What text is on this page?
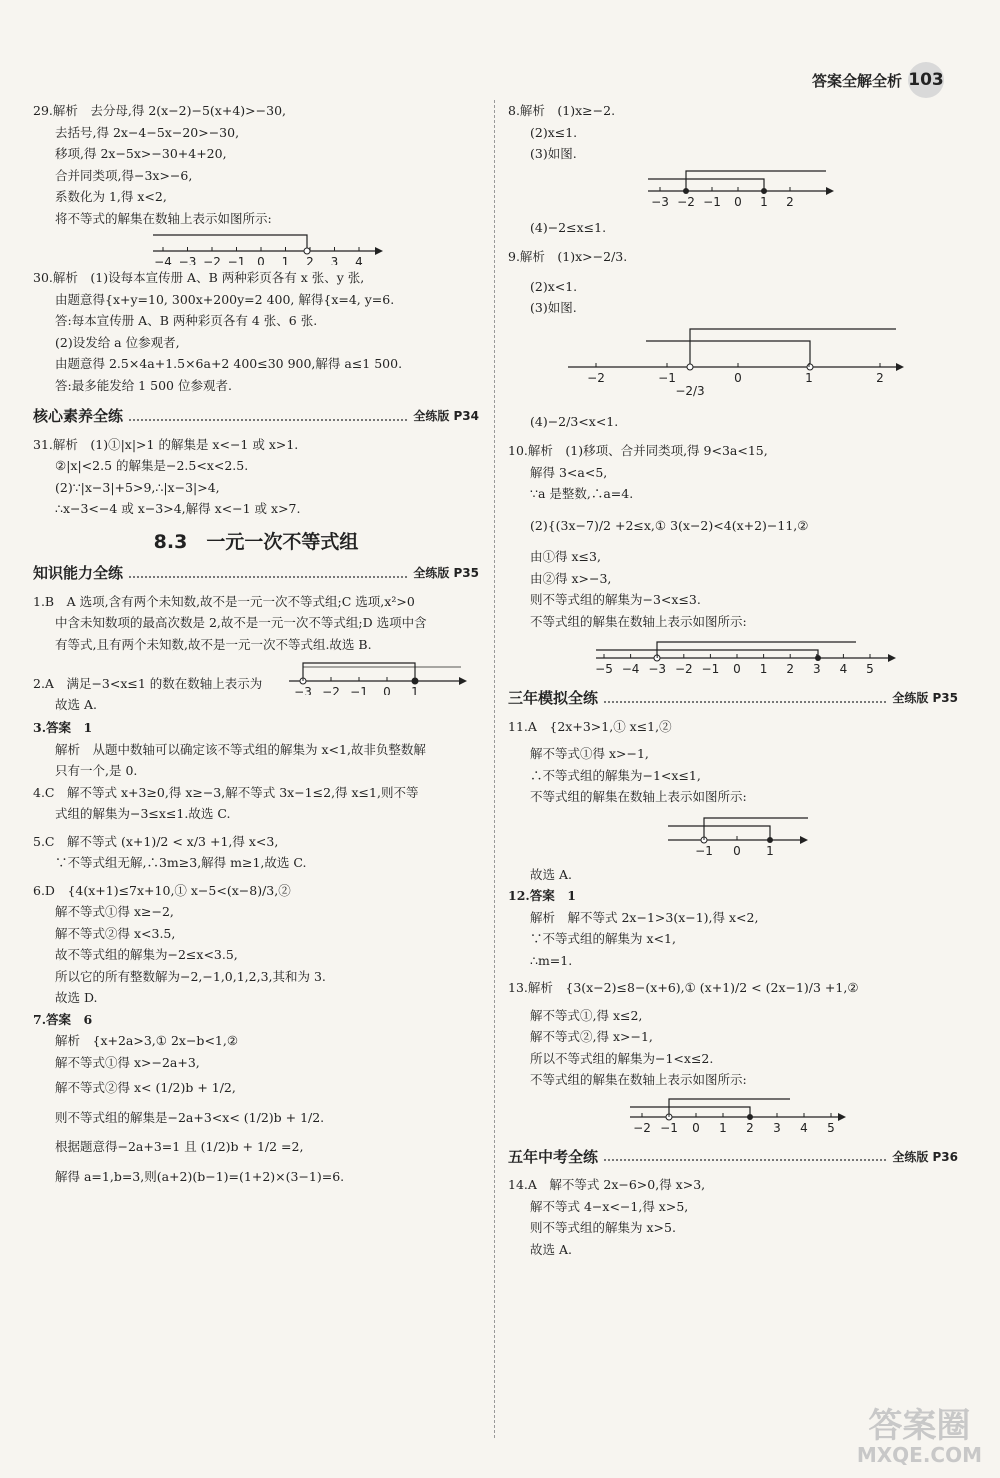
答案全解全析 103
29.解析　去分母,得 2(x−2)−5(x+4)>−30,
去括号,得 2x−4−5x−20>−30,
移项,得 2x−5x>−30+4+20,
合并同类项,得−3x>−6,
系数化为 1,得 x<2,
将不等式的解集在数轴上表示如图所示:
−4 −3 −2 −1 0 1 2 3 4
30.解析　(1)设每本宣传册 A、B 两种彩页各有 x 张、y 张,
由题意得{x+y=10, 300x+200y=2 400, 解得{x=4, y=6.
答:每本宣传册 A、B 两种彩页各有 4 张、6 张.
(2)设发给 a 位参观者,
由题意得 2.5×4a+1.5×6a+2 400≤30 900,解得 a≤1 500.
答:最多能发给 1 500 位参观者.
核心素养全练	全练版 P34
31.解析　(1)①|x|>1 的解集是 x<−1 或 x>1.
②|x|<2.5 的解集是−2.5<x<2.5.
(2)∵|x−3|+5>9,∴|x−3|>4,
∴x−3<−4 或 x−3>4,解得 x<−1 或 x>7.
8.3　一元一次不等式组
知识能力全练	全练版 P35
1.B　A 选项,含有两个未知数,故不是一元一次不等式组;C 选项,x²>0
中含未知数项的最高次数是 2,故不是一元一次不等式组;D 选项中含
有等式,且有两个未知数,故不是一元一次不等式组.故选 B.
2.A　满足−3<x≤1 的数在数轴上表示为
−3 −2 −1 0 1
故选 A.
3.答案　1
解析　从题中数轴可以确定该不等式组的解集为 x<1,故非负整数解
只有一个,是 0.
4.C　解不等式 x+3≥0,得 x≥−3,解不等式 3x−1≤2,得 x≤1,则不等
式组的解集为−3≤x≤1.故选 C.
5.C　解不等式 (x+1)/2 < x/3 +1,得 x<3,
∵不等式组无解,∴3m≥3,解得 m≥1,故选 C.
6.D　{4(x+1)≤7x+10,① x−5<(x−8)/3,②
解不等式①得 x≥−2,
解不等式②得 x<3.5,
故不等式组的解集为−2≤x<3.5,
所以它的所有整数解为−2,−1,0,1,2,3,其和为 3.
故选 D.
7.答案　6
解析　{x+2a>3,① 2x−b<1,②
解不等式①得 x>−2a+3,
解不等式②得 x< (1/2)b + 1/2,
则不等式组的解集是−2a+3<x< (1/2)b + 1/2.
根据题意得−2a+3=1 且 (1/2)b + 1/2 =2,
解得 a=1,b=3,则(a+2)(b−1)=(1+2)×(3−1)=6.
8.解析　(1)x≥−2.
(2)x≤1.
(3)如图.
−3 −2 −1 0 1 2
(4)−2≤x≤1.
9.解析　(1)x>−2/3.
(2)x<1.
(3)如图.
−2/3
−2	−1	0	1	2
(4)−2/3<x<1.
10.解析　(1)移项、合并同类项,得 9<3a<15,
解得 3<a<5,
∵a 是整数,∴a=4.
(2){(3x−7)/2 +2≤x,① 3(x−2)<4(x+2)−11,②
由①得 x≤3,
由②得 x>−3,
则不等式组的解集为−3<x≤3.
不等式组的解集在数轴上表示如图所示:
−5 −4 −3 −2 −1 0 1 2 3 4 5
三年模拟全练	全练版 P35
11.A　{2x+3>1,① x≤1,②
解不等式①得 x>−1,
∴不等式组的解集为−1<x≤1,
不等式组的解集在数轴上表示如图所示:
−1 0 1
故选 A.
12.答案　1
解析　解不等式 2x−1>3(x−1),得 x<2,
∵不等式组的解集为 x<1,
∴m=1.
13.解析　{3(x−2)≤8−(x+6),① (x+1)/2 < (2x−1)/3 +1,②
解不等式①,得 x≤2,
解不等式②,得 x>−1,
所以不等式组的解集为−1<x≤2.
不等式组的解集在数轴上表示如图所示:
−2 −1 0 1 2 3 4 5
五年中考全练	全练版 P36
14.A　解不等式 2x−6>0,得 x>3,
解不等式 4−x<−1,得 x>5,
则不等式组的解集为 x>5.
故选 A.
答案圈
MXQE.COM
